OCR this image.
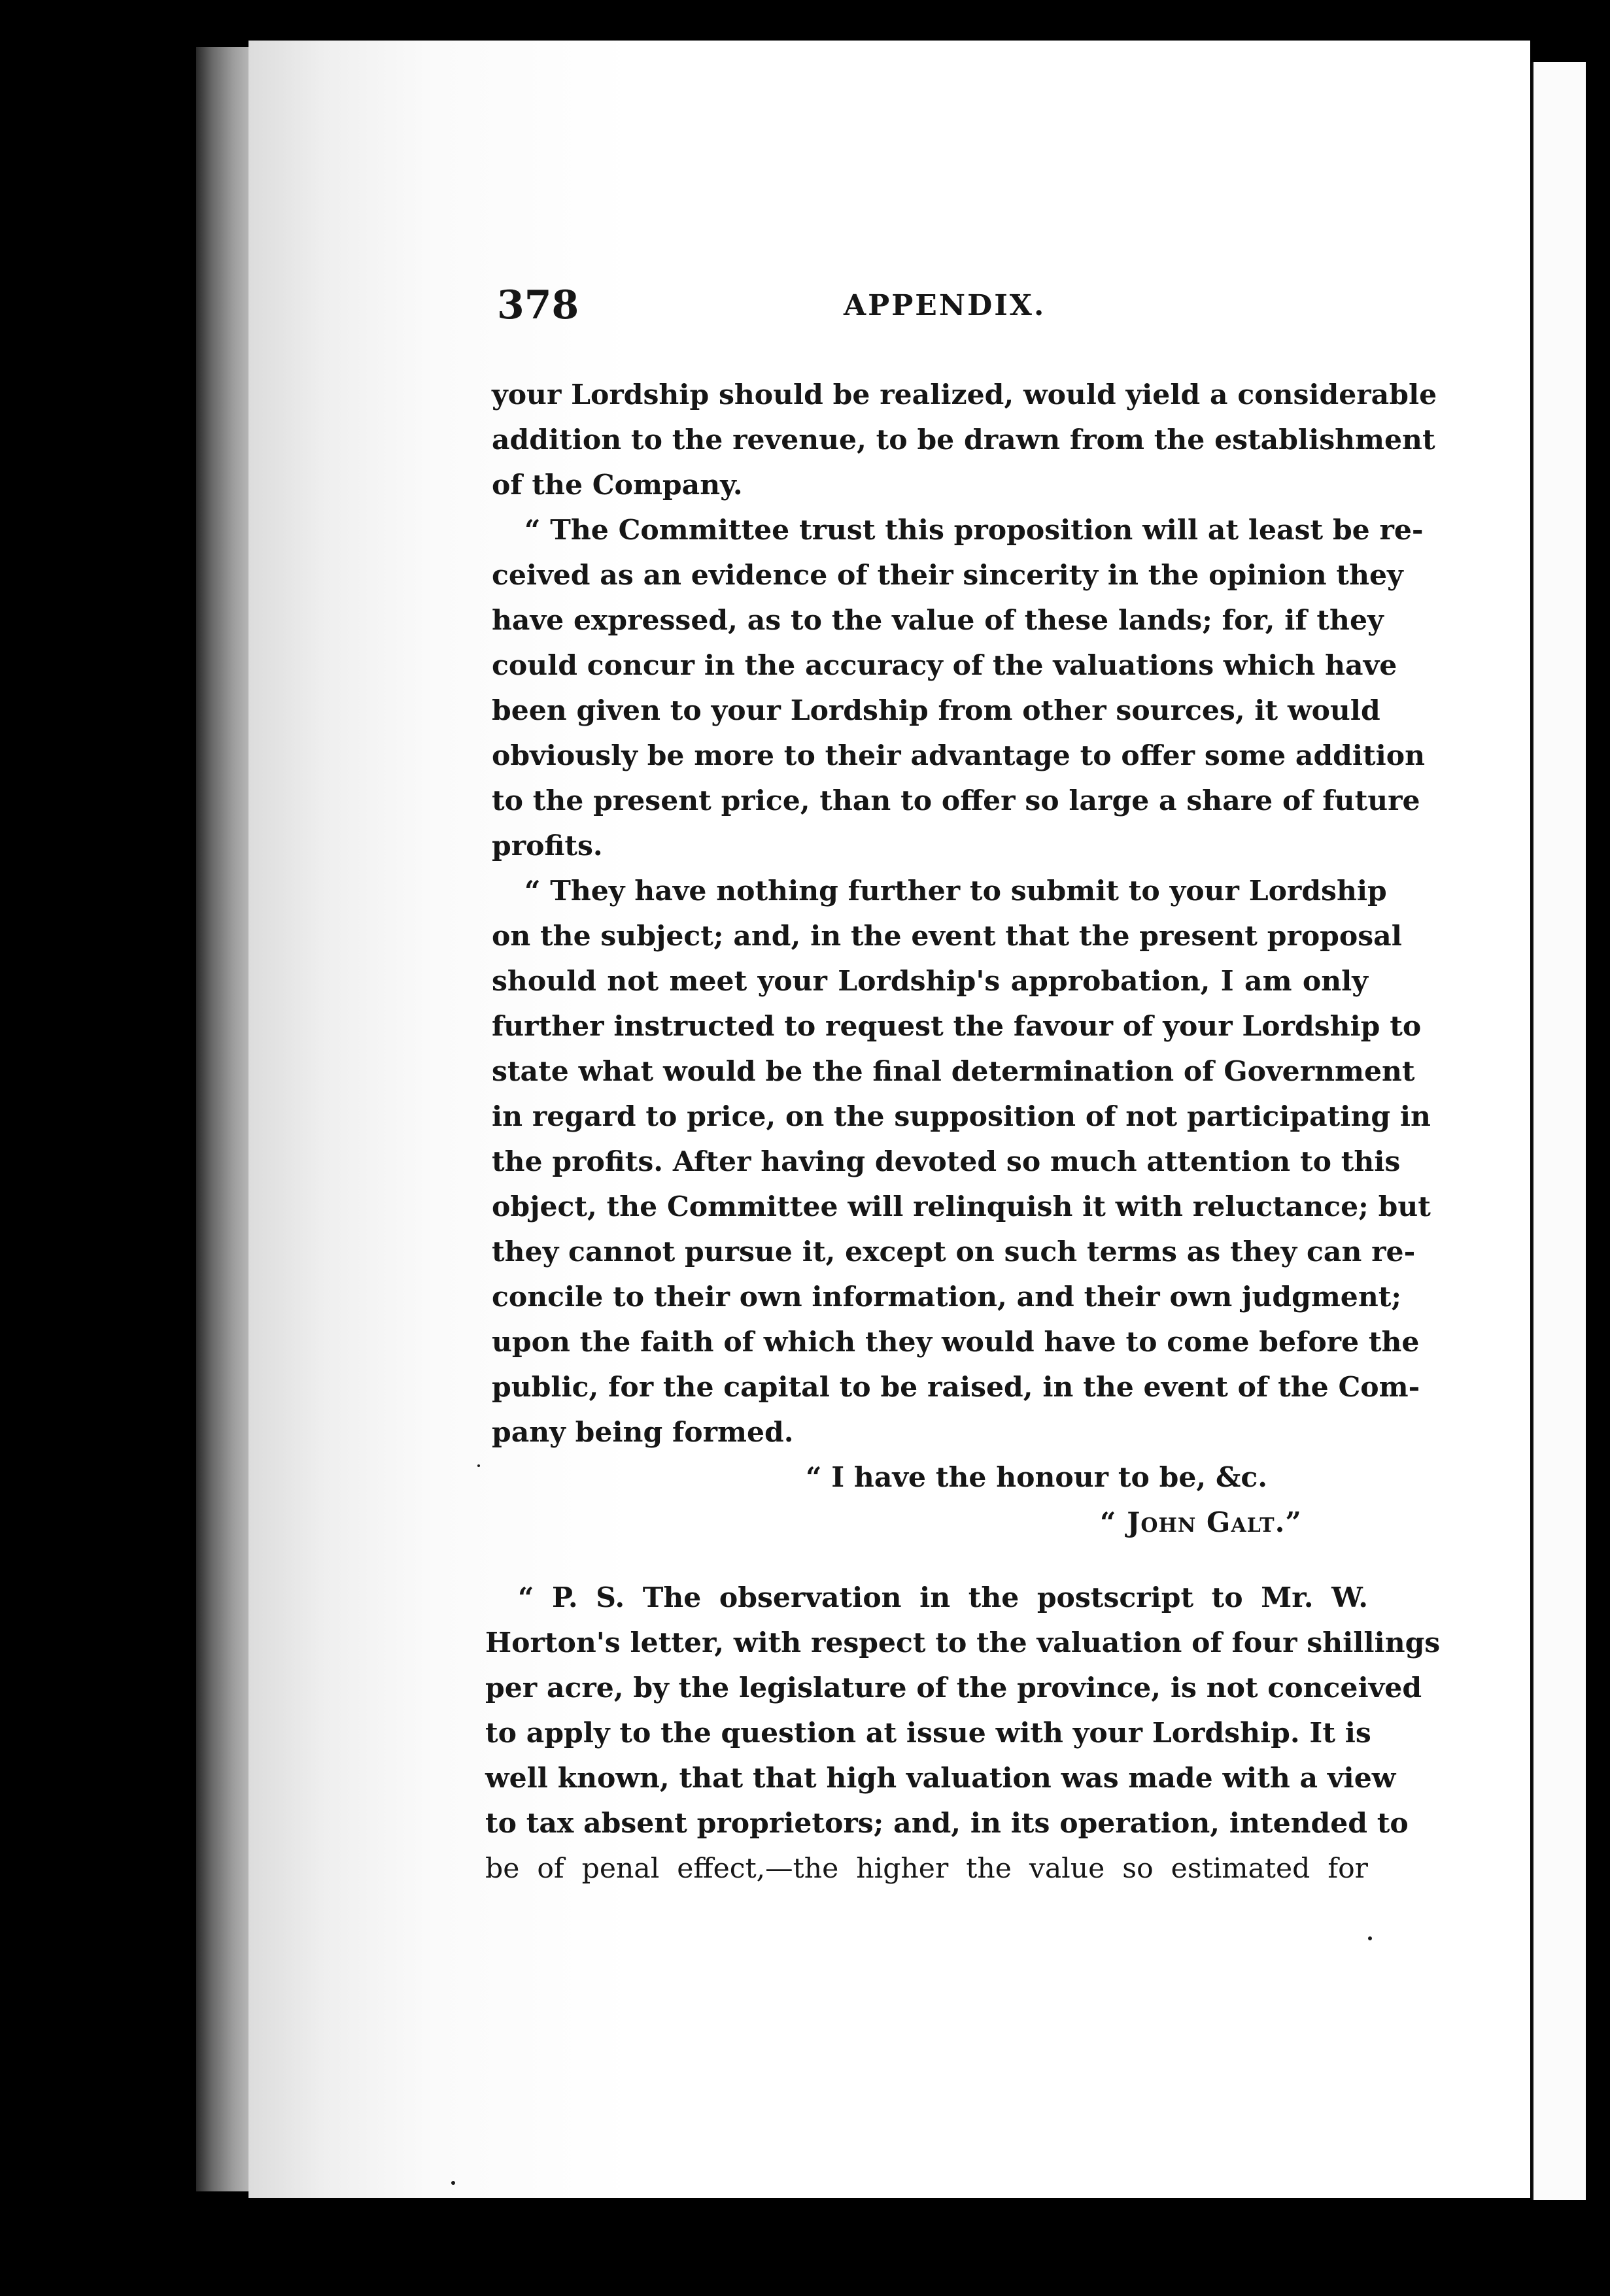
378	APPENDIX.
your Lordship should be realized, would yield a considerable
addition to the revenue, to be drawn from the establishment
of the Company.
“ The Committee trust this proposition will at least be re-
ceived as an evidence of their sincerity in the opinion they
have expressed, as to the value of these lands; for, if they
could concur in the accuracy of the valuations which have
been given to your Lordship from other sources, it would
obviously be more to their advantage to offer some addition
to the present price, than to offer so large a share of future
profits.
“ They have nothing further to submit to your Lordship
on the subject; and, in the event that the present proposal
should not meet your Lordship's approbation, I am only
further instructed to request the favour of your Lordship to
state what would be the final determination of Government
in regard to price, on the supposition of not participating in
the profits. After having devoted so much attention to this
object, the Committee will relinquish it with reluctance; but
they cannot pursue it, except on such terms as they can re-
concile to their own information, and their own judgment;
upon the faith of which they would have to come before the
public, for the capital to be raised, in the event of the Com-
pany being formed.
“ I have the honour to be, &c.
“ John Galt.”
“ P. S. The observation in the postscript to Mr. W.
Horton's letter, with respect to the valuation of four shillings
per acre, by the legislature of the province, is not conceived
to apply to the question at issue with your Lordship. It is
well known, that that high valuation was made with a view
to tax absent proprietors; and, in its operation, intended to
be of penal effect,—the higher the value so estimated for
